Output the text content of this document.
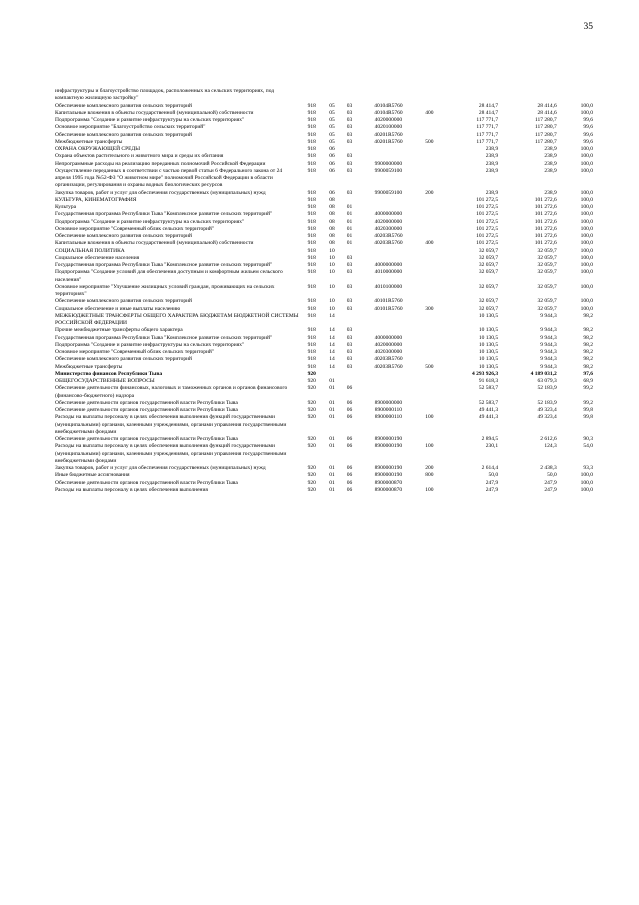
35
инфраструктуры и благоустройство площадок, расположенных на сельских территориях, под компактную жилищную застройку"								
Обеспечение комплексного развития сельских территорий	918	05	03	40104R5760		28 414,7	28 414,6	100,0
Капитальные вложения в объекты государственной (муниципальной) собственности	918	05	03	40104R5760	400	28 414,7	28 414,6	100,0
Подпрограмма "Создание и развитие инфраструктуры на сельских территориях"	918	05	03	4020000000		117 771,7	117 280,7	99,6
Основное мероприятие "Благоустройство сельских территорий"	918	05	03	4020100000		117 771,7	117 280,7	99,6
Обеспечение комплексного развития сельских территорий	918	05	03	40201R5760		117 771,7	117 280,7	99,6
Межбюджетные трансферты	918	05	03	40201R5760	500	117 771,7	117 280,7	99,6
ОХРАНА ОКРУЖАЮЩЕЙ СРЕДЫ	918	06				238,9	238,9	100,0
Охрана объектов растительного и животного мира и среды их обитания	918	06	03			238,9	238,9	100,0
Непрограммные расходы на реализацию переданных полномочий Российской Федерации	918	06	03	9900000000		238,9	238,9	100,0
Осуществление переданных в соответствии с частью первой статьи 6 Федерального закона от 24 апреля 1995 года №52-ФЗ "О животном мире" полномочий Российской Федерации в области организации, регулирования и охраны водных биологических ресурсов	918	06	03	9900059100		238,9	238,9	100,0
Закупка товаров, работ и услуг для обеспечения государственных (муниципальных) нужд	918	06	03	9900059100	200	238,9	238,9	100,0
КУЛЬТУРА, КИНЕМАТОГРАФИЯ	918	08				101 272,5	101 272,6	100,0
Культура	918	08	01			101 272,5	101 272,6	100,0
Государственная программа Республики Тыва "Комплексное развитие сельских территорий"	918	08	01	4000000000		101 272,5	101 272,6	100,0
Подпрограмма "Создание и развитие инфраструктуры на сельских территориях"	918	08	01	4020000000		101 272,5	101 272,6	100,0
Основное мероприятие "Современный облик сельских территорий"	918	08	01	4020300000		101 272,5	101 272,6	100,0
Обеспечение комплексного развития сельских территорий	918	08	01	40203R5760		101 272,5	101 272,6	100,0
Капитальные вложения в объекты государственной (муниципальной) собственности	918	08	01	40203R5760	400	101 272,5	101 272,6	100,0
СОЦИАЛЬНАЯ ПОЛИТИКА	918	10				32 059,7	32 059,7	100,0
Социальное обеспечение населения	918	10	03			32 059,7	32 059,7	100,0
Государственная программа Республики Тыва "Комплексное развитие сельских территорий"	918	10	03	4000000000		32 059,7	32 059,7	100,0
Подпрограмма "Создание условий для обеспечения доступным и комфортным жильем сельского населения"	918	10	03	4010000000		32 059,7	32 059,7	100,0
Основное мероприятие "Улучшение жилищных условий граждан, проживающих на сельских территориях"	918	10	03	4010100000		32 059,7	32 059,7	100,0
Обеспечение комплексного развития сельских территорий	918	10	03	40101R5760		32 059,7	32 059,7	100,0
Социальное обеспечение и иные выплаты населению	918	10	03	40101R5760	300	32 059,7	32 059,7	100,0
МЕЖБЮДЖЕТНЫЕ ТРАНСФЕРТЫ ОБЩЕГО ХАРАКТЕРА БЮДЖЕТАМ БЮДЖЕТНОЙ СИСТЕМЫ РОССИЙСКОЙ ФЕДЕРАЦИИ	918	14				10 130,5	9 944,3	98,2
Прочие межбюджетные трансферты общего характера	918	14	03			10 130,5	9 944,3	98,2
Государственная программа Республики Тыва "Комплексное развитие сельских территорий"	918	14	03	4000000000		10 130,5	9 944,3	98,2
Подпрограмма "Создание и развитие инфраструктуры на сельских территориях"	918	14	03	4020000000		10 130,5	9 944,3	98,2
Основное мероприятие "Современный облик сельских территорий"	918	14	03	4020300000		10 130,5	9 944,3	98,2
Обеспечение комплексного развития сельских территорий	918	14	03	40203R5760		10 130,5	9 944,3	98,2
Межбюджетные трансферты	918	14	03	40203R5760	500	10 130,5	9 944,3	98,2
Министерство финансов Республики Тыва	920					4 293 926,3	4 189 031,2	97,6
ОБЩЕГОСУДАРСТВЕННЫЕ ВОПРОСЫ	920	01				91 618,3	63 079,3	68,9
Обеспечение деятельности финансовых, налоговых и таможенных органов и органов финансового (финансово-бюджетного) надзора	920	01	06			52 583,7	52 183,9	99,2
Обеспечение деятельности органов государственной власти Республики Тыва	920	01	06	8900000000		52 583,7	52 183,9	99,2
Обеспечение деятельности органов государственной власти Республики Тыва	920	01	06	8900000110		49 441,3	49 323,4	99,8
Расходы на выплаты персоналу в целях обеспечения выполнения функций государственными (муниципальными) органами, казенными учреждениями, органами управления государственными внебюджетными фондами	920	01	06	8900000110	100	49 441,3	49 323,4	99,8
Обеспечение деятельности органов государственной власти Республики Тыва	920	01	06	8900000190		2 894,5	2 612,6	90,3
Расходы на выплаты персоналу в целях обеспечения выполнения функций государственными (муниципальными) органами, казенными учреждениями, органами управления государственными внебюджетными фондами	920	01	06	8900000190	100	230,1	124,3	54,0
Закупка товаров, работ и услуг для обеспечения государственных (муниципальных) нужд	920	01	06	8900000190	200	2 614,4	2 438,3	93,3
Иные бюджетные ассигнования	920	01	06	8900000190	800	50,0	50,0	100,0
Обеспечение деятельности органов государственной власти Республики Тыва	920	01	06	8900000870		247,9	247,9	100,0
Расходы на выплаты персоналу в целях обеспечения выполнения	920	01	06	8900000870	100	247,9	247,9	100,0
